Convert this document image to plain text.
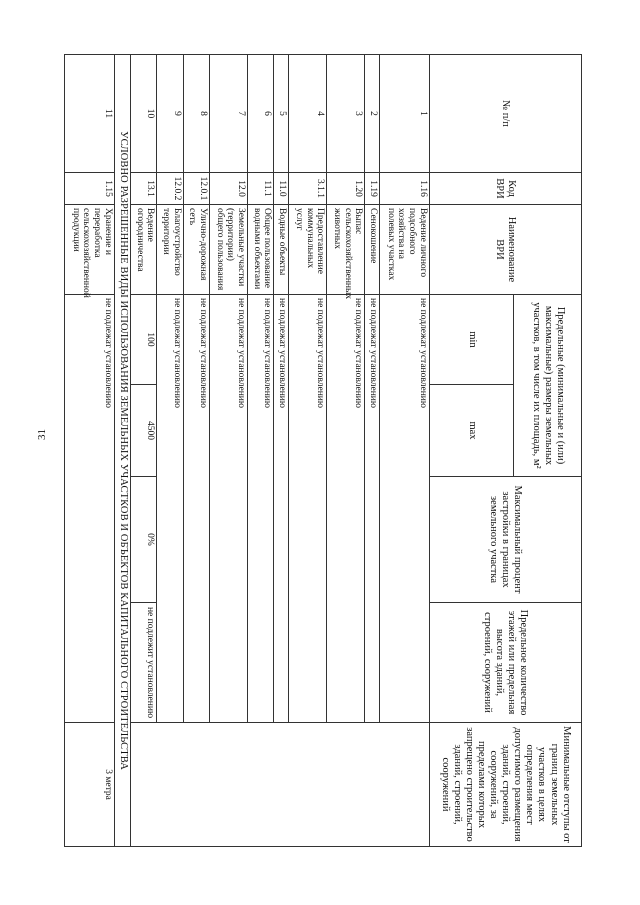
31
№ п/п	Код ВРИ	Наименование ВРИ	Предельные (минимальные и (или) максимальные) размеры земельных участков, в том числе их площадь, м²		Максимальный процент застройки в границах земельного участка	Предельное количество этажей или предельная высота зданий, строений, сооружений	Минимальные отступы от границ земельных участков в целях определения мест допустимого размещения зданий, строений, сооружений, за пределами которых запрещено строительство зданий, строений, сооружений
			min	max			
1	1.16	Ведение личного подсобного хозяйства на полевых участках	не подлежат установлению				
2	1.19	Сенокошение	не подлежат установлению				
3	1.20	Выпас сельскохозяйственных животных	не подлежат установлению				
4	3.1.1	Предоставление коммунальных услуг	не подлежат установлению				
5	11.0	Водные объекты	не подлежат установлению				
6	11.1	Общее пользование водными объектами	не подлежат установлению				
7	12.0	Земельные участки (территории) общего пользования	не подлежат установлению				
8	12.0.1	Улично-дорожная сеть	не подлежат установлению				
9	12.0.2	Благоустройство территории	не подлежат установлению				
10	13.1	Ведение огородничества	100	4500	0%	не подлежит установлению	
УСЛОВНО РАЗРЕШЕННЫЕ ВИДЫ ИСПОЛЬЗОВАНИЯ ЗЕМЕЛЬНЫХ УЧАСТКОВ И ОБЪЕКТОВ КАПИТАЛЬНОГО СТРОИТЕЛЬСТВА							
11	1.15	Хранение и переработка сельскохозяйственной продукции	не подлежат установлению				3 метра
